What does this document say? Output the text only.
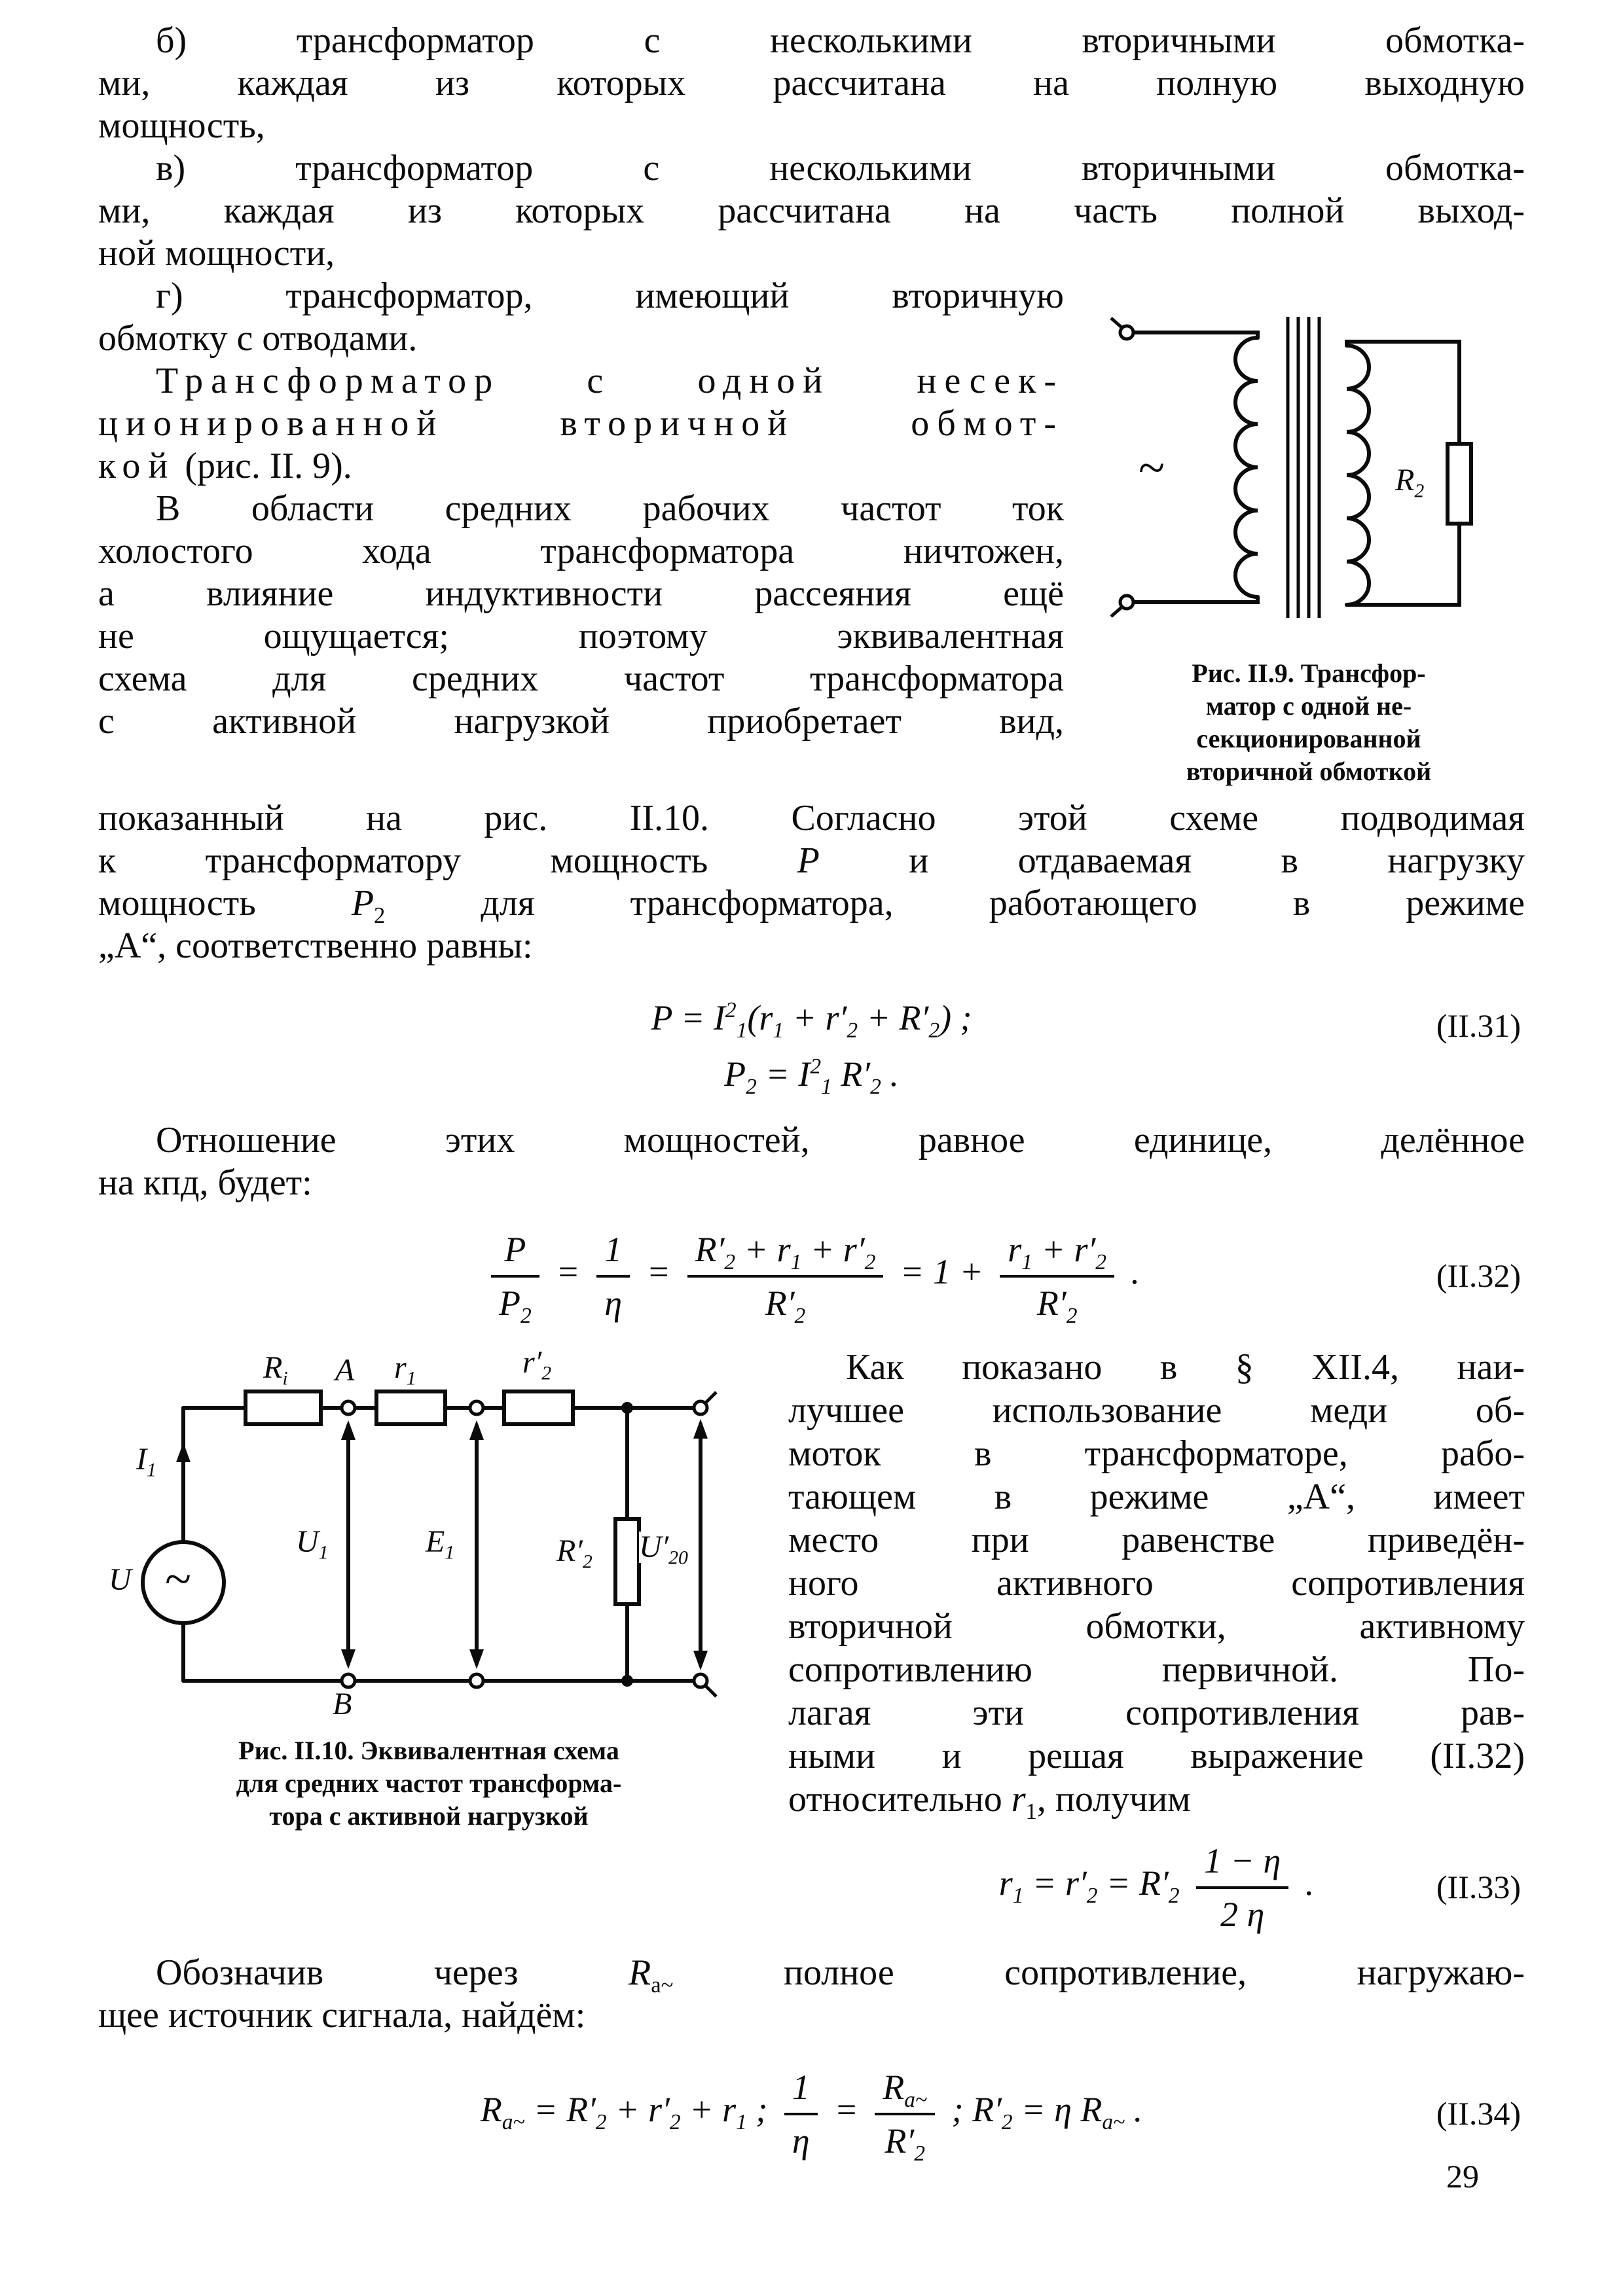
б) трансформатор с несколькими вторичными обмотка-
ми, каждая из которых рассчитана на полную выходную
мощность,
в) трансформатор с несколькими вторичными обмотка-
ми, каждая из которых рассчитана на часть полной выход-
ной мощности,
~	$R_2$
Рис. II.9. Трансфор-
матор с одной не-
секционированной
вторичной обмоткой
г) трансформатор, имеющий вторичную
обмотку с отводами.
Трансформатор с одной несек-
ционированной вторичной обмот-
кой (рис. II. 9).
В области средних рабочих частот ток
холостого хода трансформатора ничтожен,
а влияние индуктивности рассеяния ещё
не ощущается; поэтому эквивалентная
схема для средних частот трансформатора
с активной нагрузкой приобретает вид,
показанный на рис. II.10. Согласно этой схеме подводимая
к трансформатору мощность P и отдаваемая в нагрузку
мощность $P_2$ для трансформатора, работающего в режиме
„А“, соответственно равны:
$P = I^2_1(r_1 + r'_2 + R'_2)$ ;
$P_2 = I^2_1$ $R'_2$ .
(II.31)
Отношение этих мощностей, равное единице, делённое
на кпд, будет:
$\frac{P}{P_2} = \frac{1}{\eta} = \frac{R'_2 + r_1 + r'_2}{R'_2} = 1 + \frac{r_1 + r'_2}{R'_2}$ .	(II.32)
~
U
$I_1$
$R_i$ А $r_1$	$r'_2$
$U_1$	$E_1$	$R'_2$ $U'_{20}$
В
Рис. II.10. Эквивалентная схема
для средних частот трансформа-
тора с активной нагрузкой
Как показано в § XII.4, наи-
лучшее использование меди об-
моток в трансформаторе, рабо-
тающем в режиме „А“, имеет
место при равенстве приведён-
ного активного сопротивления
вторичной обмотки, активному
сопротивлению первичной. По-
лагая эти сопротивления рав-
ными и решая выражение (II.32)
относительно $r_1$, получим
$r_1 = r'_2 = R'_2 \frac{1 - \eta}{2 \eta}$ .	(II.33)
Обозначив через $R_{а\sim}$ полное сопротивление, нагружаю-
щее источник сигнала, найдём:
$R_{а\sim} = R'_2 + r'_2 + r_1$ ; $\frac{1}{\eta}$ =
$R_{а\sim}$
$R'_2$
; $R'_2 = \eta$ $R_{а\sim}$ .	(II.34)
29
